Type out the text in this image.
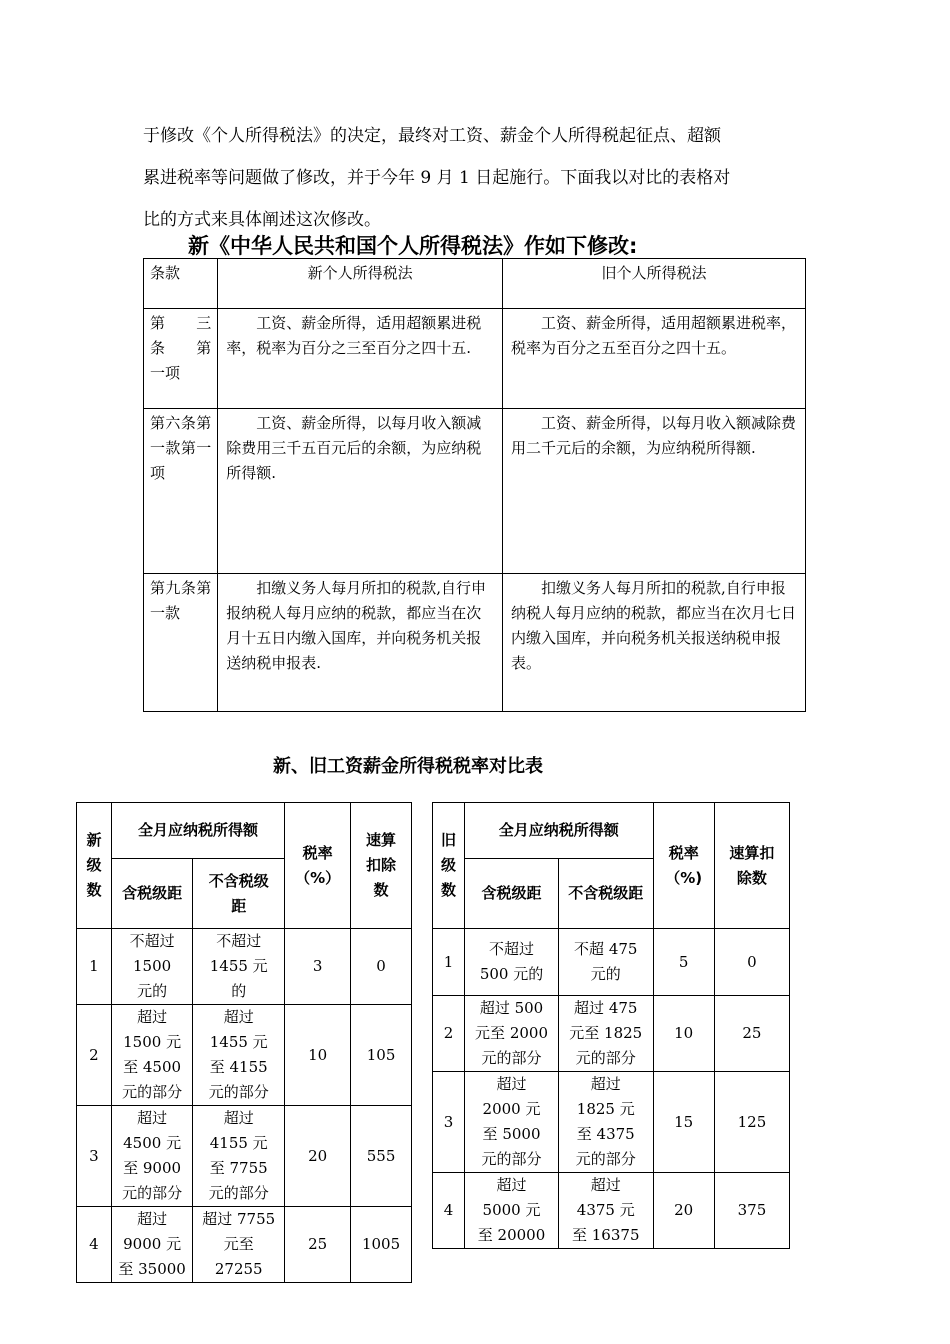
于修改《个人所得税法》的决定，最终对工资、薪金个人所得税起征点、超额
累进税率等问题做了修改，并于今年 9 月 1 日起施行。下面我以对比的表格对
比的方式来具体阐述这次修改。
新《中华人民共和国个人所得税法》作如下修改:
条款	新个人所得税法	旧个人所得税法
第　三　条　第　一项	工资、薪金所得，适用超额累进税率，税率为百分之三至百分之四十五.	工资、薪金所得，适用超额累进税率，税率为百分之五至百分之四十五。
第六条第一款第一项	工资、薪金所得，以每月收入额减除费用三千五百元后的余额，为应纳税所得额.	工资、薪金所得，以每月收入额减除费用二千元后的余额，为应纳税所得额.
第九条第一款	扣缴义务人每月所扣的税款,自行申报纳税人每月应纳的税款，都应当在次月十五日内缴入国库，并向税务机关报送纳税申报表.	扣缴义务人每月所扣的税款,自行申报纳税人每月应纳的税款，都应当在次月七日内缴入国库，并向税务机关报送纳税申报表。
新、旧工资薪金所得税税率对比表
新级数	全月应纳税所得额		税率（%）	速算扣除数
	含税级距	不含税级距		
1	不超过 1500 元的	不超过 1455 元的	3	0
2	超过 1500 元至 4500 元的部分	超过 1455 元至 4155 元的部分	10	105
3	超过 4500 元至 9000 元的部分	超过 4155 元至 7755 元的部分	20	555
4	超过 9000 元至 35000	超过 7755 元至 27255	25	1005
旧级数	全月应纳税所得额		税率（%)	速算扣除数
	含税级距	不含税级距		
1	不超过 500 元的	不超 475 元的	5	0
2	超过 500 元至 2000 元的部分	超过 475 元至 1825 元的部分	10	25
3	超过 2000 元至 5000 元的部分	超过 1825 元至 4375 元的部分	15	125
4	超过 5000 元至 20000	超过 4375 元至 16375	20	375
